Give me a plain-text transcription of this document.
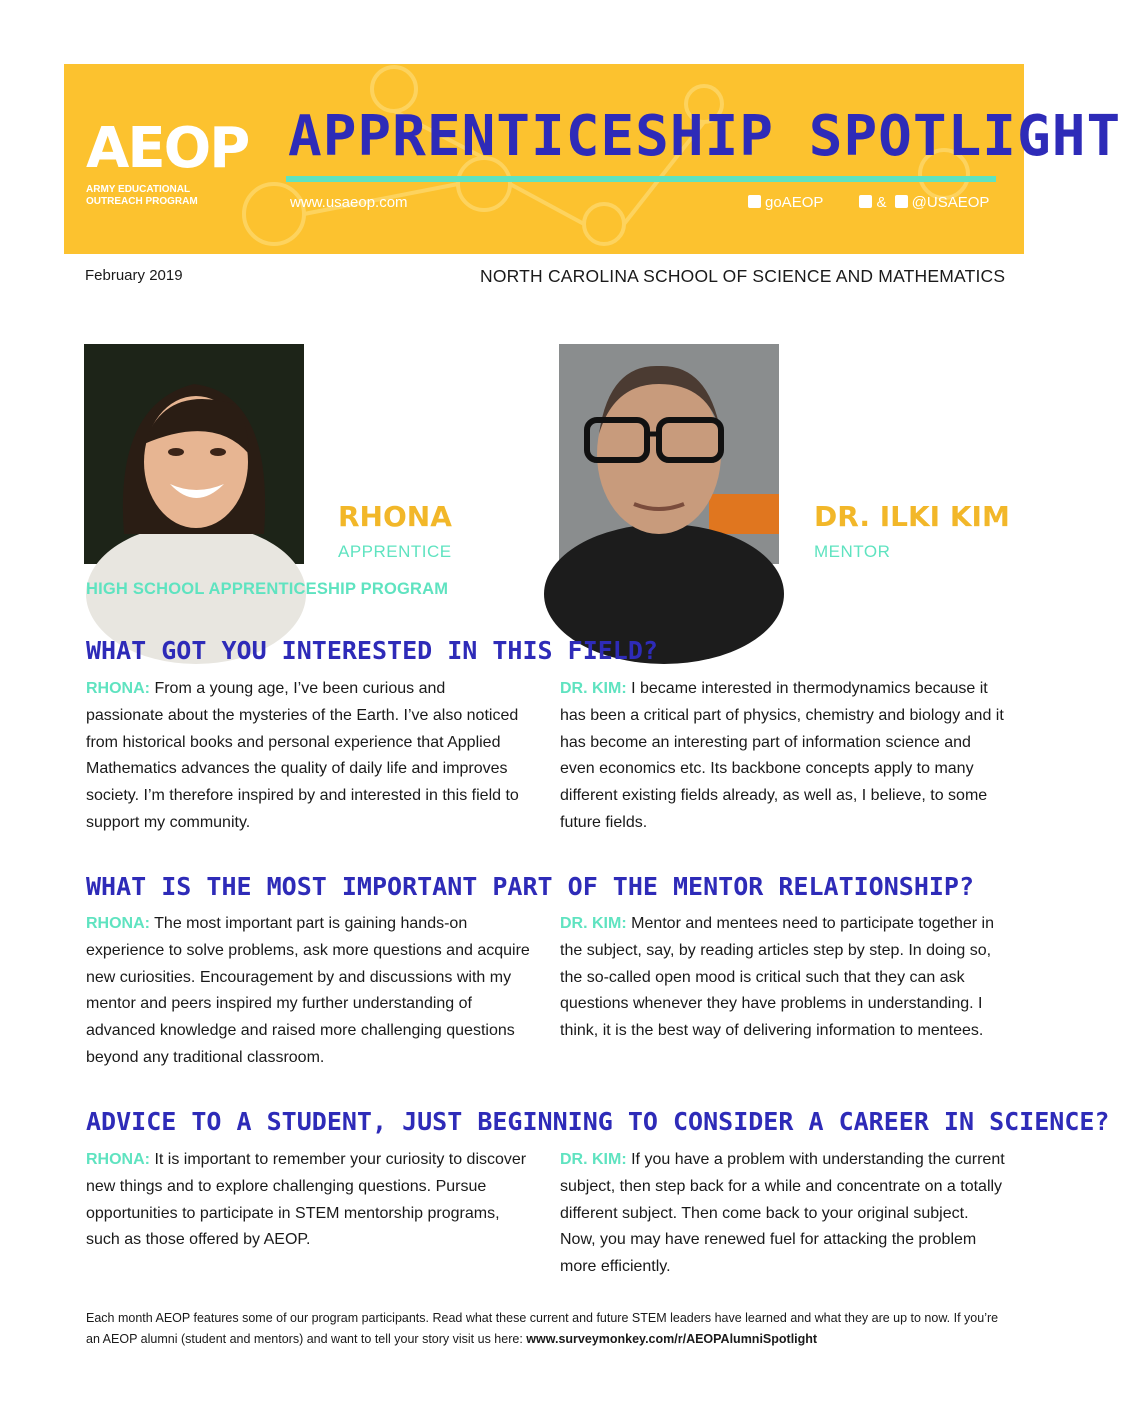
AEOP
ARMY EDUCATIONAL
OUTREACH PROGRAM
APPRENTICESHIP SPOTLIGHT
www.usaeop.com	goAEOP	& @USAEOP
February 2019	NORTH CAROLINA SCHOOL OF SCIENCE AND MATHEMATICS
RHONA
APPRENTICE
DR. ILKI KIM
MENTOR
HIGH SCHOOL APPRENTICESHIP PROGRAM
WHAT GOT YOU INTERESTED IN THIS FIELD?
RHONA: From a young age, I’ve been curious and passionate about the mysteries of the Earth. I’ve also noticed from historical books and personal experience that Applied Mathematics advances the quality of daily life and improves society. I’m therefore inspired by and interested in this field to support my community.
DR. KIM: I became interested in thermodynamics because it has been a critical part of physics, chemistry and biology and it has become an interesting part of information science and even economics etc. Its backbone concepts apply to many different existing fields already, as well as, I believe, to some future fields.
WHAT IS THE MOST IMPORTANT PART OF THE MENTOR RELATIONSHIP?
RHONA: The most important part is gaining hands-on experience to solve problems, ask more questions and acquire new curiosities. Encouragement by and discussions with my mentor and peers inspired my further understanding of advanced knowledge and raised more challenging questions beyond any traditional classroom.
DR. KIM: Mentor and mentees need to participate together in the subject, say, by reading articles step by step. In doing so, the so-called open mood is critical such that they can ask questions whenever they have problems in understanding. I think, it is the best way of delivering information to mentees.
ADVICE TO A STUDENT, JUST BEGINNING TO CONSIDER A CAREER IN SCIENCE?
RHONA: It is important to remember your curiosity to discover new things and to explore challenging questions. Pursue opportunities to participate in STEM mentorship programs, such as those offered by AEOP.
DR. KIM: If you have a problem with understanding the current subject, then step back for a while and concentrate on a totally different subject. Then come back to your original subject. Now, you may have renewed fuel for attacking the problem more efficiently.
Each month AEOP features some of our program participants. Read what these current and future STEM leaders have learned and what they are up to now. If you’re an AEOP alumni (student and mentors) and want to tell your story visit us here: www.surveymonkey.com/r/AEOPAlumniSpotlight
